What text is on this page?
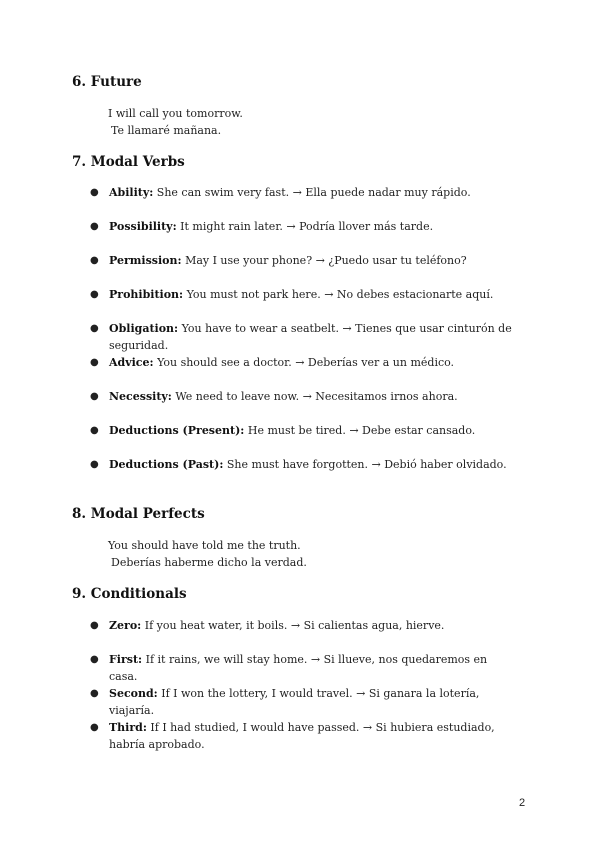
6. Future
I will call you tomorrow.
Te llamaré mañana.
7. Modal Verbs
● Ability: She can swim very fast. → Ella puede nadar muy rápido.
● Possibility: It might rain later. → Podría llover más tarde.
● Permission: May I use your phone? → ¿Puedo usar tu teléfono?
● Prohibition: You must not park here. → No debes estacionarte aquí.
● Obligation: You have to wear a seatbelt. → Tienes que usar cinturón de seguridad.
● Advice: You should see a doctor. → Deberías ver a un médico.
● Necessity: We need to leave now. → Necesitamos irnos ahora.
● Deductions (Present): He must be tired. → Debe estar cansado.
● Deductions (Past): She must have forgotten. → Debió haber olvidado.
8. Modal Perfects
You should have told me the truth.
Deberías haberme dicho la verdad.
9. Conditionals
● Zero: If you heat water, it boils. → Si calientas agua, hierve.
● First: If it rains, we will stay home. → Si llueve, nos quedaremos en casa.
● Second: If I won the lottery, I would travel. → Si ganara la lotería, viajaría.
● Third: If I had studied, I would have passed. → Si hubiera estudiado, habría aprobado.
2
